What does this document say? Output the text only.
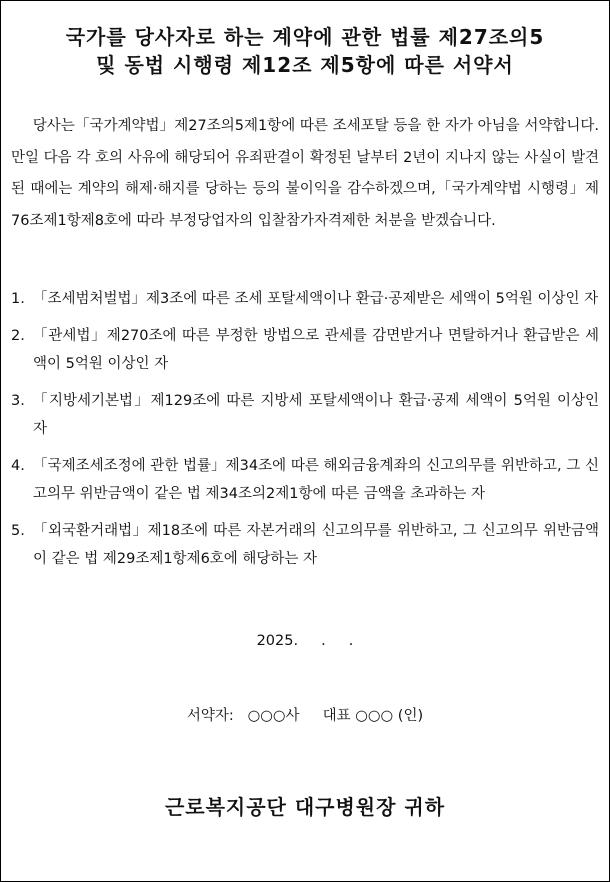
국가를 당사자로 하는 계약에 관한 법률 제27조의5
및 동법 시행령 제12조 제5항에 따른 서약서

당사는「국가계약법」제27조의5제1항에 따른 조세포탈 등을 한 자가 아님을 서약합니다. 만일 다음 각 호의 사유에 해당되어 유죄판결이 확정된 날부터 2년이 지나지 않는 사실이 발견된 때에는 계약의 해제·해지를 당하는 등의 불이익을 감수하겠으며,「국가계약법 시행령」제76조제1항제8호에 따라 부정당업자의 입찰참가자격제한 처분을 받겠습니다.

1. 「조세범처벌법」제3조에 따른 조세 포탈세액이나 환급·공제받은 세액이 5억원 이상인 자
2. 「관세법」제270조에 따른 부정한 방법으로 관세를 감면받거나 면탈하거나 환급받은 세액이 5억원 이상인 자
3. 「지방세기본법」제129조에 따른 지방세 포탈세액이나 환급·공제 세액이 5억원 이상인 자
4. 「국제조세조정에 관한 법률」제34조에 따른 해외금융계좌의 신고의무를 위반하고, 그 신고의무 위반금액이 같은 법 제34조의2제1항에 따른 금액을 초과하는 자
5. 「외국환거래법」제18조에 따른 자본거래의 신고의무를 위반하고, 그 신고의무 위반금액이 같은 법 제29조제1항제6호에 해당하는 자
2025.     .     .
서약자:   ○○○사     대표 ○○○ (인)
근로복지공단 대구병원장 귀하
